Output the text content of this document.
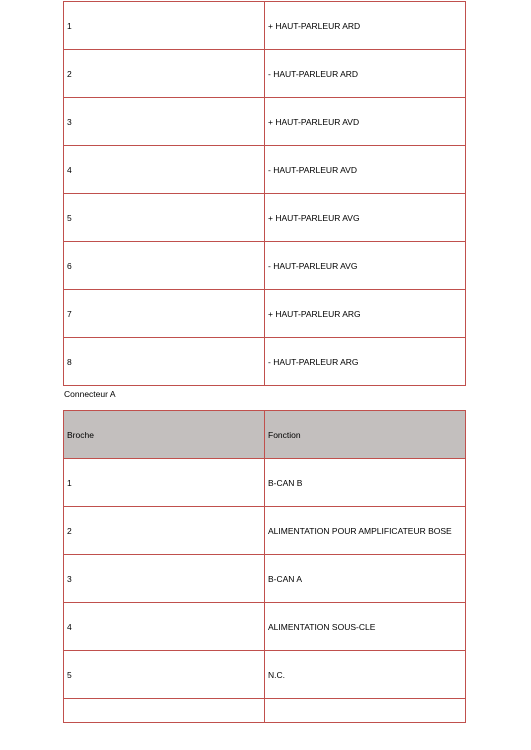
1	+ HAUT-PARLEUR ARD
2	- HAUT-PARLEUR ARD
3	+ HAUT-PARLEUR AVD
4	- HAUT-PARLEUR AVD
5	+ HAUT-PARLEUR AVG
6	- HAUT-PARLEUR AVG
7	+ HAUT-PARLEUR ARG
8	- HAUT-PARLEUR ARG
Connecteur A
Broche	Fonction
1	B-CAN B
2	ALIMENTATION POUR AMPLIFICATEUR BOSE
3	B-CAN A
4	ALIMENTATION SOUS-CLE
5	N.C.
